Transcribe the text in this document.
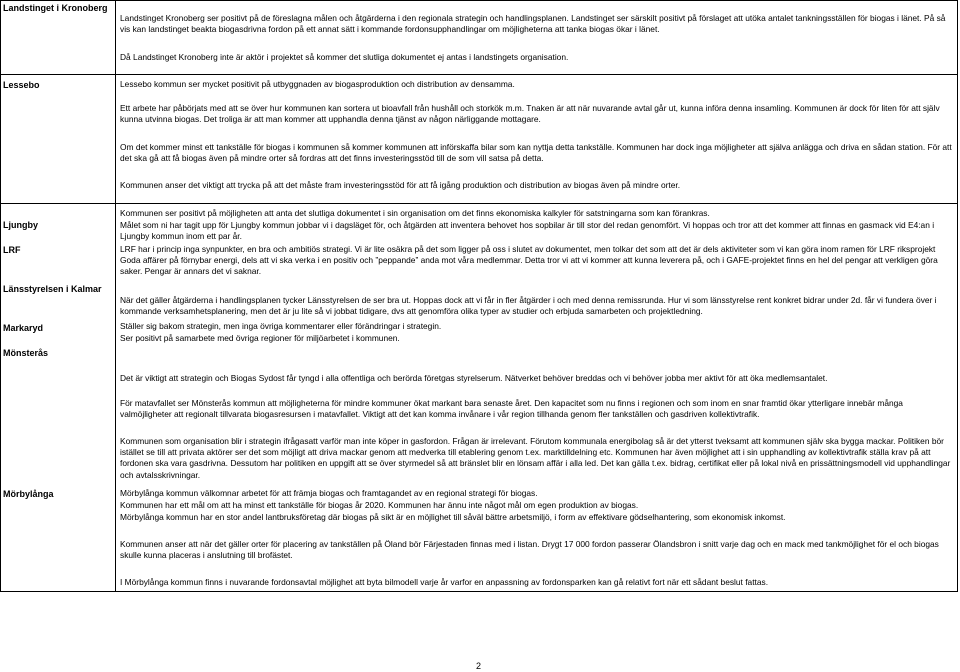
Landstinget i Kronoberg
Lessebo
Ljungby
LRF
Länsstyrelsen i Kalmar
Markaryd
Mönsterås
Mörbylånga

Landstinget Kronoberg ser positivt på de föreslagna målen och åtgärderna i den regionala strategin och handlingsplanen. Landstinget ser särskilt positivt på förslaget att utöka antalet tankningsställen för biogas i länet. På så vis kan landstinget beakta biogasdrivna fordon på ett annat sätt i kommande fordonsupphandlingar om möjligheterna att tanka biogas ökar i länet.

Då Landstinget Kronoberg inte är aktör i projektet så kommer det slutliga dokumentet ej antas i landstingets organisation.

Lessebo kommun ser mycket positivit på utbyggnaden av biogasproduktion och distribution av densamma.

Ett arbete har påbörjats med att se över hur kommunen kan sortera ut bioavfall från hushåll och storkök m.m. Tnaken är att när nuvarande avtal går ut, kunna införa denna insamling. Kommunen är dock för liten för att själv kunna utvinna biogas. Det troliga är att man kommer att upphandla denna tjänst av någon närliggande mottagare.

Om det kommer minst ett tankställe för biogas i kommunen så kommer kommunen att införskaffa bilar som kan nyttja detta tankställe. Kommunen har dock inga möjligheter att själva anlägga och driva en sådan station. För att det ska gå att få biogas även på mindre orter så fordras att det finns investeringsstöd till de som vill satsa på detta.

Kommunen anser det viktigt att trycka på att det måste fram investeringsstöd för att få igång produktion och distribution av biogas även på mindre orter.

Kommunen ser positivt på möjligheten att anta det slutliga dokumentet i sin organisation om det finns ekonomiska kalkyler för satstningarna som kan förankras.

Målet som ni har tagit upp för Ljungby kommun jobbar vi i dagsläget för, och åtgärden att inventera behovet hos sopbilar är till stor del redan genomfört. Vi hoppas och tror att det kommer att finnas en gasmack vid E4:an i Ljungby kommun inom ett par år.

LRF har i princip inga synpunkter, en bra och ambitiös strategi. Vi är lite osäkra på det som ligger på oss i slutet av dokumentet, men tolkar det som att det är dels aktiviteter som vi kan göra inom ramen för LRF riksprojekt Goda affärer på förnybar energi, dels att vi ska verka i en positiv och ”peppande” anda mot våra medlemmar. Detta tror vi att vi kommer att kunna leverera på, och i GAFE-projektet finns en hel del pengar att verkligen göra saker. Pengar är annars det vi saknar.

När det gäller åtgärderna i handlingsplanen tycker Länsstyrelsen de ser bra ut. Hoppas dock att vi får in fler åtgärder i och med denna remissrunda. Hur vi som länsstyrelse rent konkret bidrar under 2d. får vi fundera över i kommande verksamhetsplanering, men det är ju lite så vi jobbat tidigare, dvs att genomföra olika typer av studier och erbjuda samarbeten och projektledning.

Ställer sig bakom strategin, men inga övriga kommentarer eller förändringar i strategin.

Ser positivt på samarbete med övriga regioner för miljöarbetet i kommunen.

Det är viktigt att strategin och Biogas Sydost får tyngd i alla offentliga och berörda företgas styrelserum. Nätverket behöver breddas och vi behöver jobba mer aktivt för att öka medlemsantalet.

För matavfallet ser Mönsterås kommun att möjligheterna för mindre kommuner ökat markant bara senaste året. Den kapacitet som nu finns i regionen och som inom en snar framtid ökar ytterligare innebär många valmöjligheter att regionalt tillvarata biogasresursen i matavfallet. Viktigt att det kan komma invånare i vår region tillhanda genom fler tankställen och gasdriven kollektivtrafik.

Kommunen som organisation blir i strategin ifrågasatt varför man inte köper in gasfordon. Frågan är irrelevant. Förutom kommunala energibolag så är det ytterst tveksamt att kommunen själv ska bygga mackar. Politiken bör istället se till att privata aktörer ser det som möjligt att driva mackar genom att medverka till etablering genom t.ex. marktilldelning etc. Kommunen har även möjlighet att i sin upphandling av kollektivtrafik ställa krav på att fordonen ska vara gasdrivna. Dessutom har politiken en uppgift att se över styrmedel så att bränslet blir en lönsam affär i alla led. Det kan gälla t.ex. bidrag, certifikat eller på lokal nivå en prissättningsmodell vid upphandlingar och avtalsskrivningar.

Mörbylånga kommun välkomnar arbetet för att främja biogas och framtagandet av en regional strategi för biogas.

Kommunen har ett mål om att ha minst ett tankställe för biogas år 2020. Kommunen har ännu inte något mål om egen produktion av biogas.

Mörbylånga kommun har en stor andel lantbruksföretag där biogas på sikt är en möjlighet till såväl bättre arbetsmiljö, i form av effektivare gödselhantering, som ekonomisk inkomst.

Kommunen anser att när det gäller orter för placering av tankställen på Öland bör Färjestaden finnas med i listan. Drygt 17 000 fordon passerar Ölandsbron i snitt varje dag och en mack med tankmöjlighet för el och biogas skulle kunna placeras i anslutning till brofästet.

I Mörbylånga kommun finns i nuvarande fordonsavtal möjlighet att byta bilmodell varje år varfor en anpassning av fordonsparken kan gå relativt fort när ett sådant beslut fattas.

2
